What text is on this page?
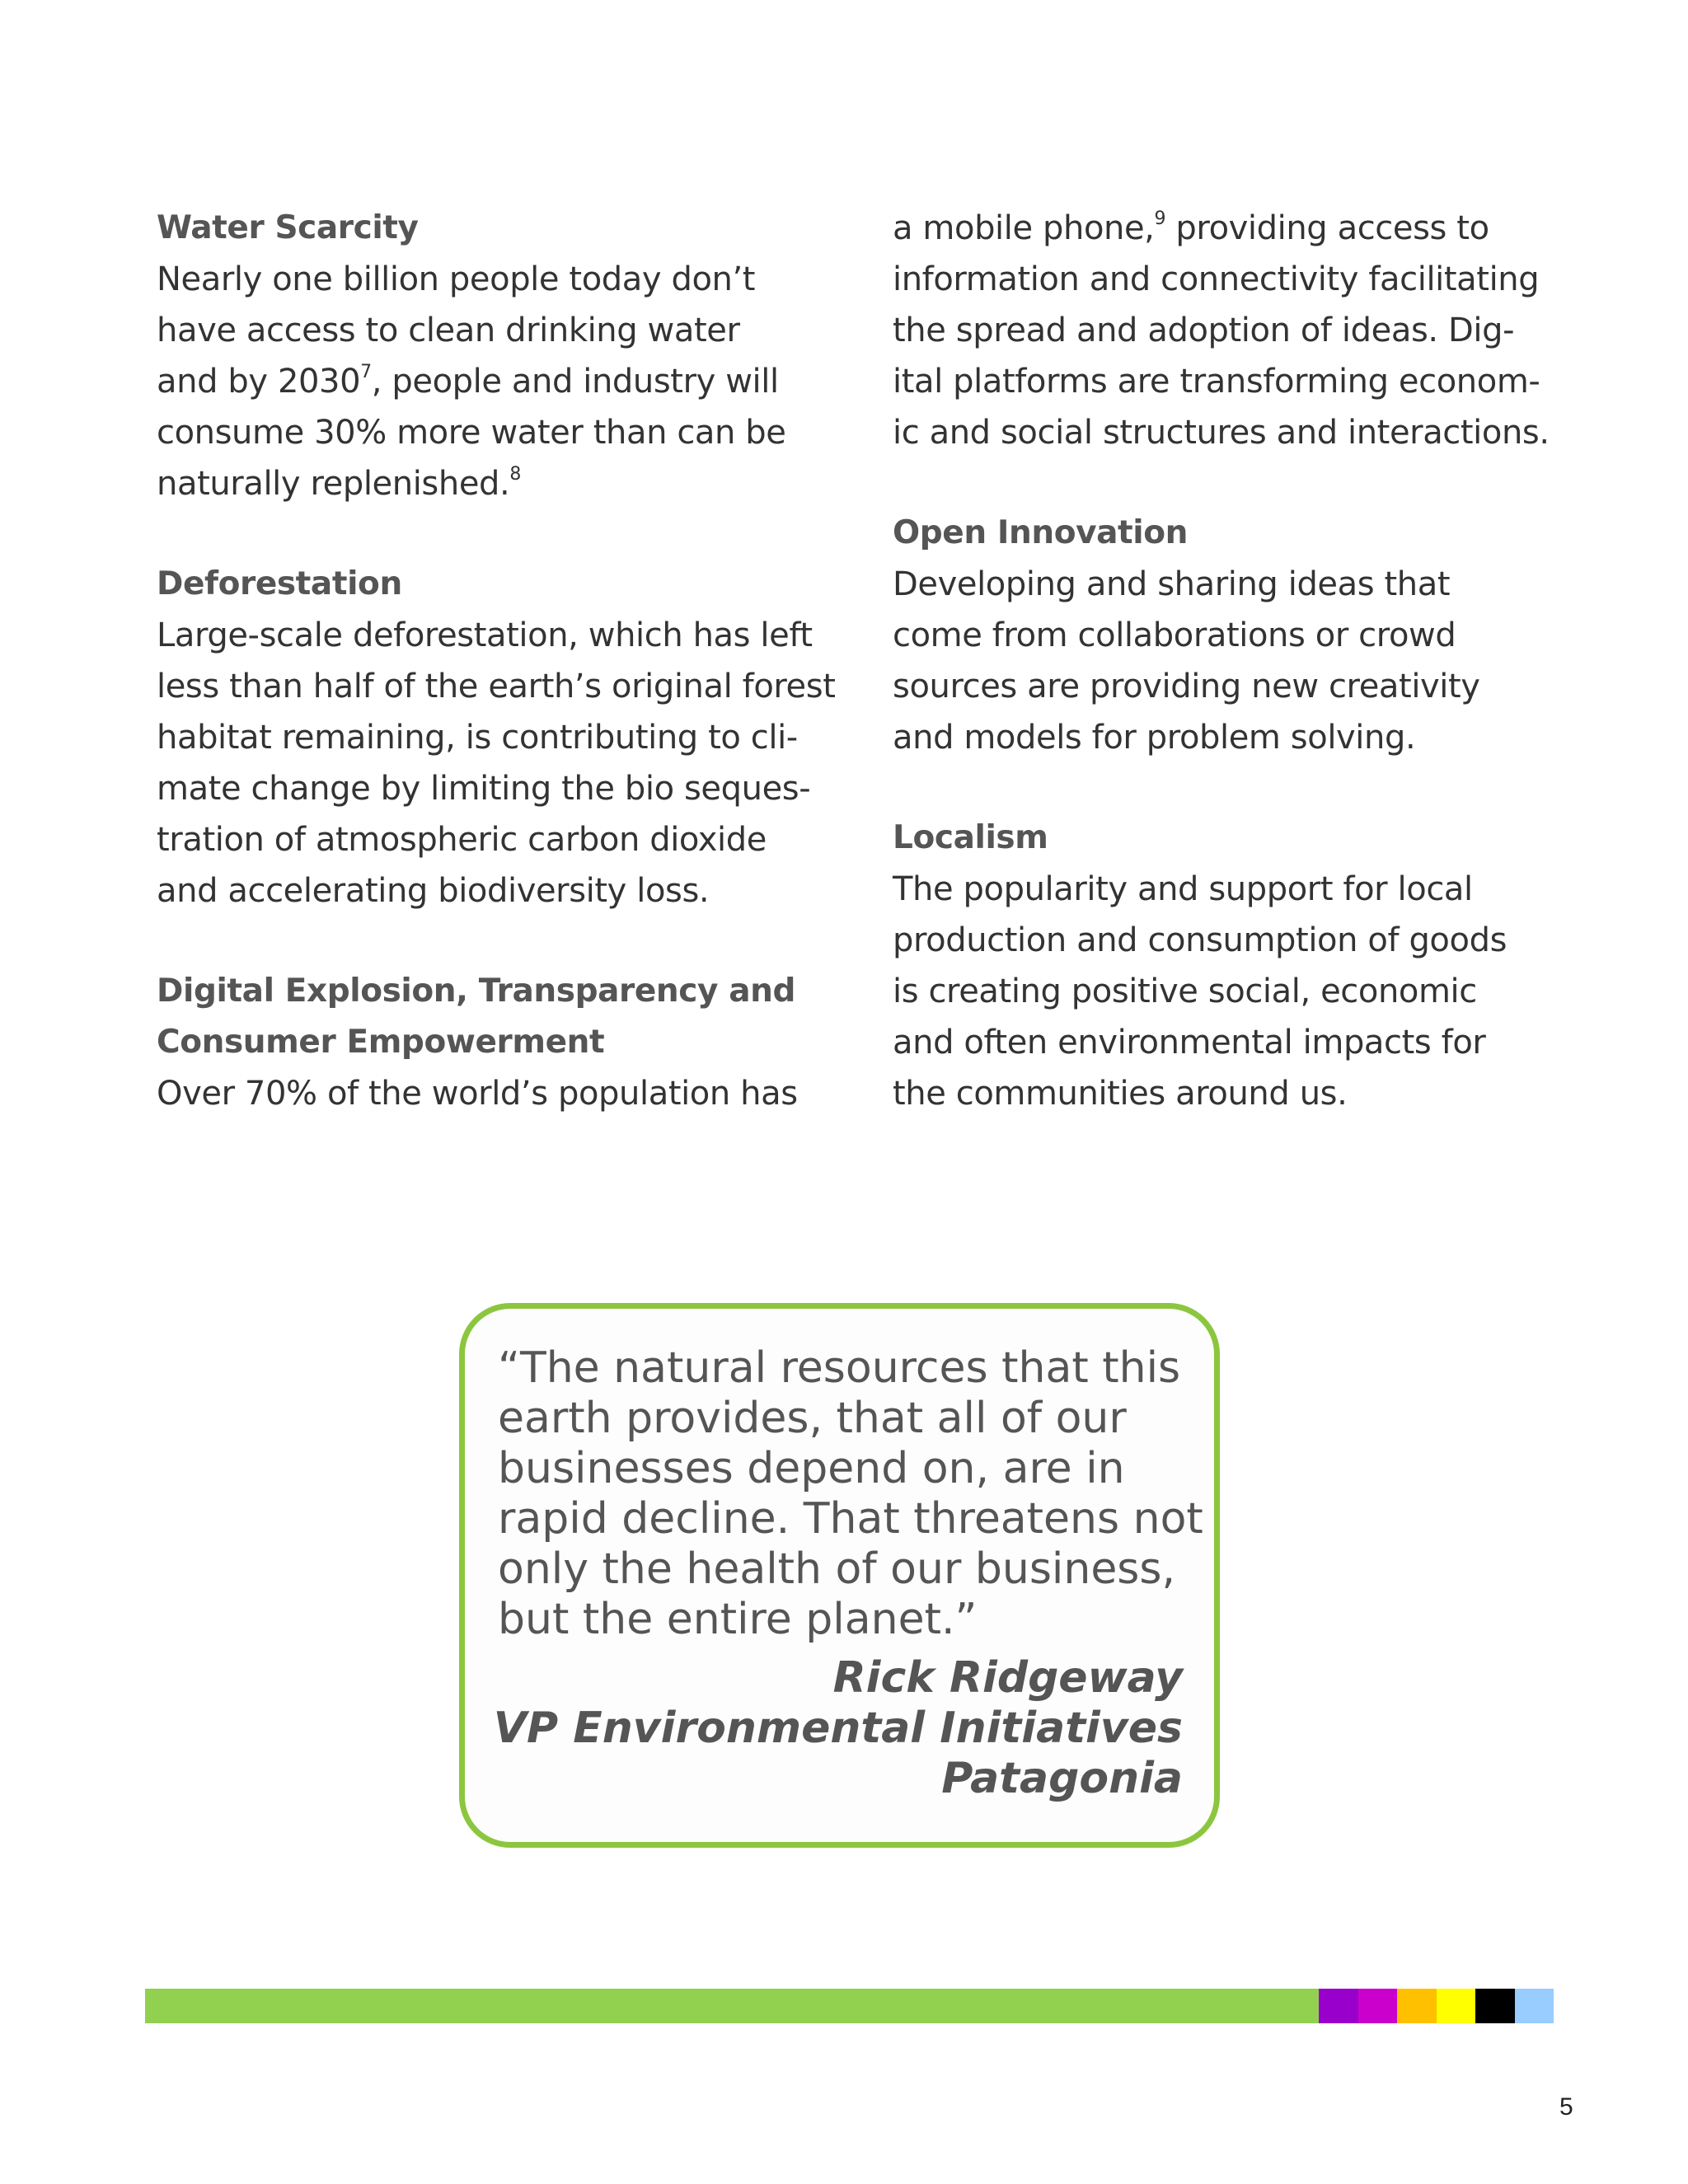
Water Scarcity
Nearly one billion people today don’t
have access to clean drinking water
and by 2030$^7$, people and industry will
consume 30% more water than can be
naturally replenished.$^8$
Deforestation
Large-scale deforestation, which has left
less than half of the earth’s original forest
habitat remaining, is contributing to cli-
mate change by limiting the bio seques-
tration of atmospheric carbon dioxide
and accelerating biodiversity loss.
Digital Explosion, Transparency and
Consumer Empowerment
Over 70% of the world’s population has
a mobile phone,$^9$ providing access to
information and connectivity facilitating
the spread and adoption of ideas. Dig-
ital platforms are transforming econom-
ic and social structures and interactions.
Open Innovation
Developing and sharing ideas that
come from collaborations or crowd
sources are providing new creativity
and models for problem solving.
Localism
The popularity and support for local
production and consumption of goods
is creating positive social, economic
and often environmental impacts for
the communities around us.
“The natural resources that this
earth provides, that all of our
businesses depend on, are in
rapid decline. That threatens not
only the health of our business,
but the entire planet.”
Rick Ridgeway
VP Environmental Initiatives
Patagonia
5
